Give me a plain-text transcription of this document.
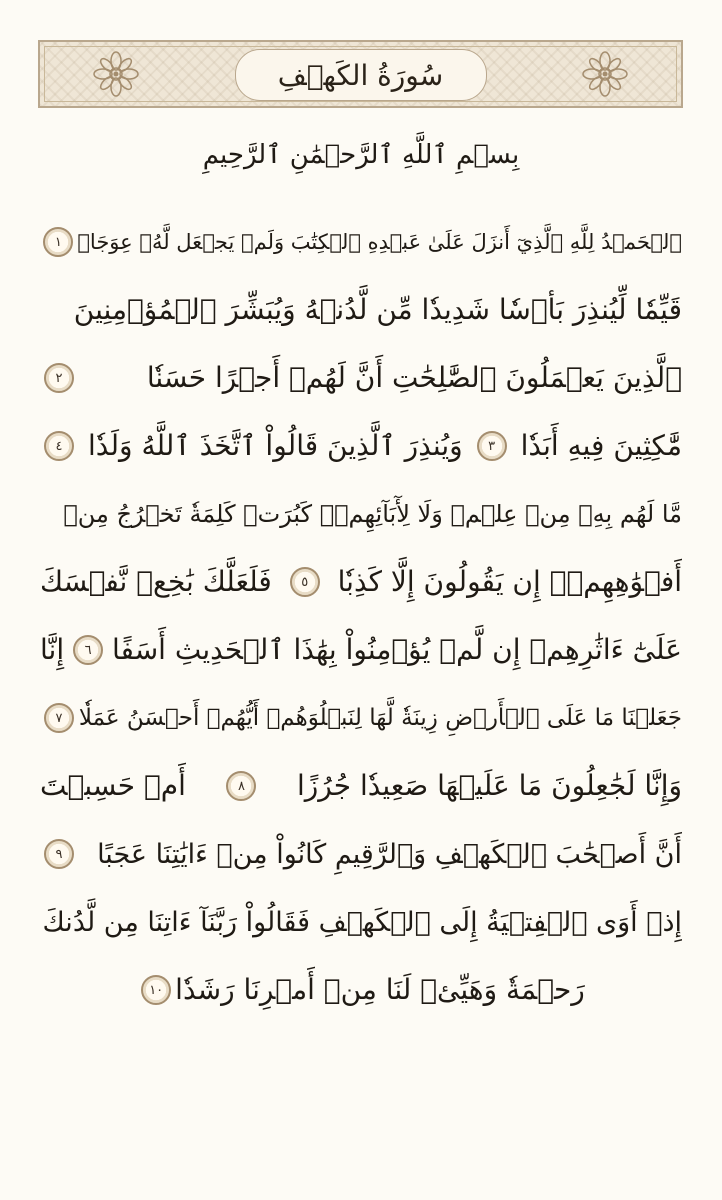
سُورَةُ الكَهۡفِ
بِسۡمِ ٱللَّهِ ٱلرَّحۡمَٰنِ ٱلرَّحِيمِ
ٱلۡحَمۡدُ لِلَّهِ ٱلَّذِيٓ أَنزَلَ عَلَىٰ عَبۡدِهِ ٱلۡكِتَٰبَ وَلَمۡ يَجۡعَل لَّهُۥ عِوَجَاۜ
١
قَيِّمٗا لِّيُنذِرَ بَأۡسٗا شَدِيدٗا مِّن لَّدُنۡهُ وَيُبَشِّرَ ٱلۡمُؤۡمِنِينَ
ٱلَّذِينَ يَعۡمَلُونَ ٱلصَّٰلِحَٰتِ أَنَّ لَهُمۡ أَجۡرًا حَسَنٗا
٢
مَّٰكِثِينَ فِيهِ أَبَدٗا
٣
وَيُنذِرَ ٱلَّذِينَ قَالُواْ ٱتَّخَذَ ٱللَّهُ وَلَدٗا
٤
مَّا لَهُم بِهِۦ مِنۡ عِلۡمٖ وَلَا لِأٓبَآئِهِمۡۚ كَبُرَتۡ كَلِمَةٗ تَخۡرُجُ مِنۡ
أَفۡوَٰهِهِمۡۚ إِن يَقُولُونَ إِلَّا كَذِبٗا
٥
فَلَعَلَّكَ بَٰخِعٞ نَّفۡسَكَ
عَلَىٰٓ ءَاثَٰرِهِمۡ إِن لَّمۡ يُؤۡمِنُواْ بِهَٰذَا ٱلۡحَدِيثِ أَسَفًا
٦
إِنَّا
جَعَلۡنَا مَا عَلَى ٱلۡأَرۡضِ زِينَةٗ لَّهَا لِنَبۡلُوَهُمۡ أَيُّهُمۡ أَحۡسَنُ عَمَلٗا
٧
وَإِنَّا لَجَٰعِلُونَ مَا عَلَيۡهَا صَعِيدٗا جُرُزًا
٨
أَمۡ حَسِبۡتَ
أَنَّ أَصۡحَٰبَ ٱلۡكَهۡفِ وَٱلرَّقِيمِ كَانُواْ مِنۡ ءَايَٰتِنَا عَجَبًا
٩
إِذۡ أَوَى ٱلۡفِتۡيَةُ إِلَى ٱلۡكَهۡفِ فَقَالُواْ رَبَّنَآ ءَاتِنَا مِن لَّدُنكَ
رَحۡمَةٗ وَهَيِّئۡ لَنَا مِنۡ أَمۡرِنَا رَشَدٗا
١٠
